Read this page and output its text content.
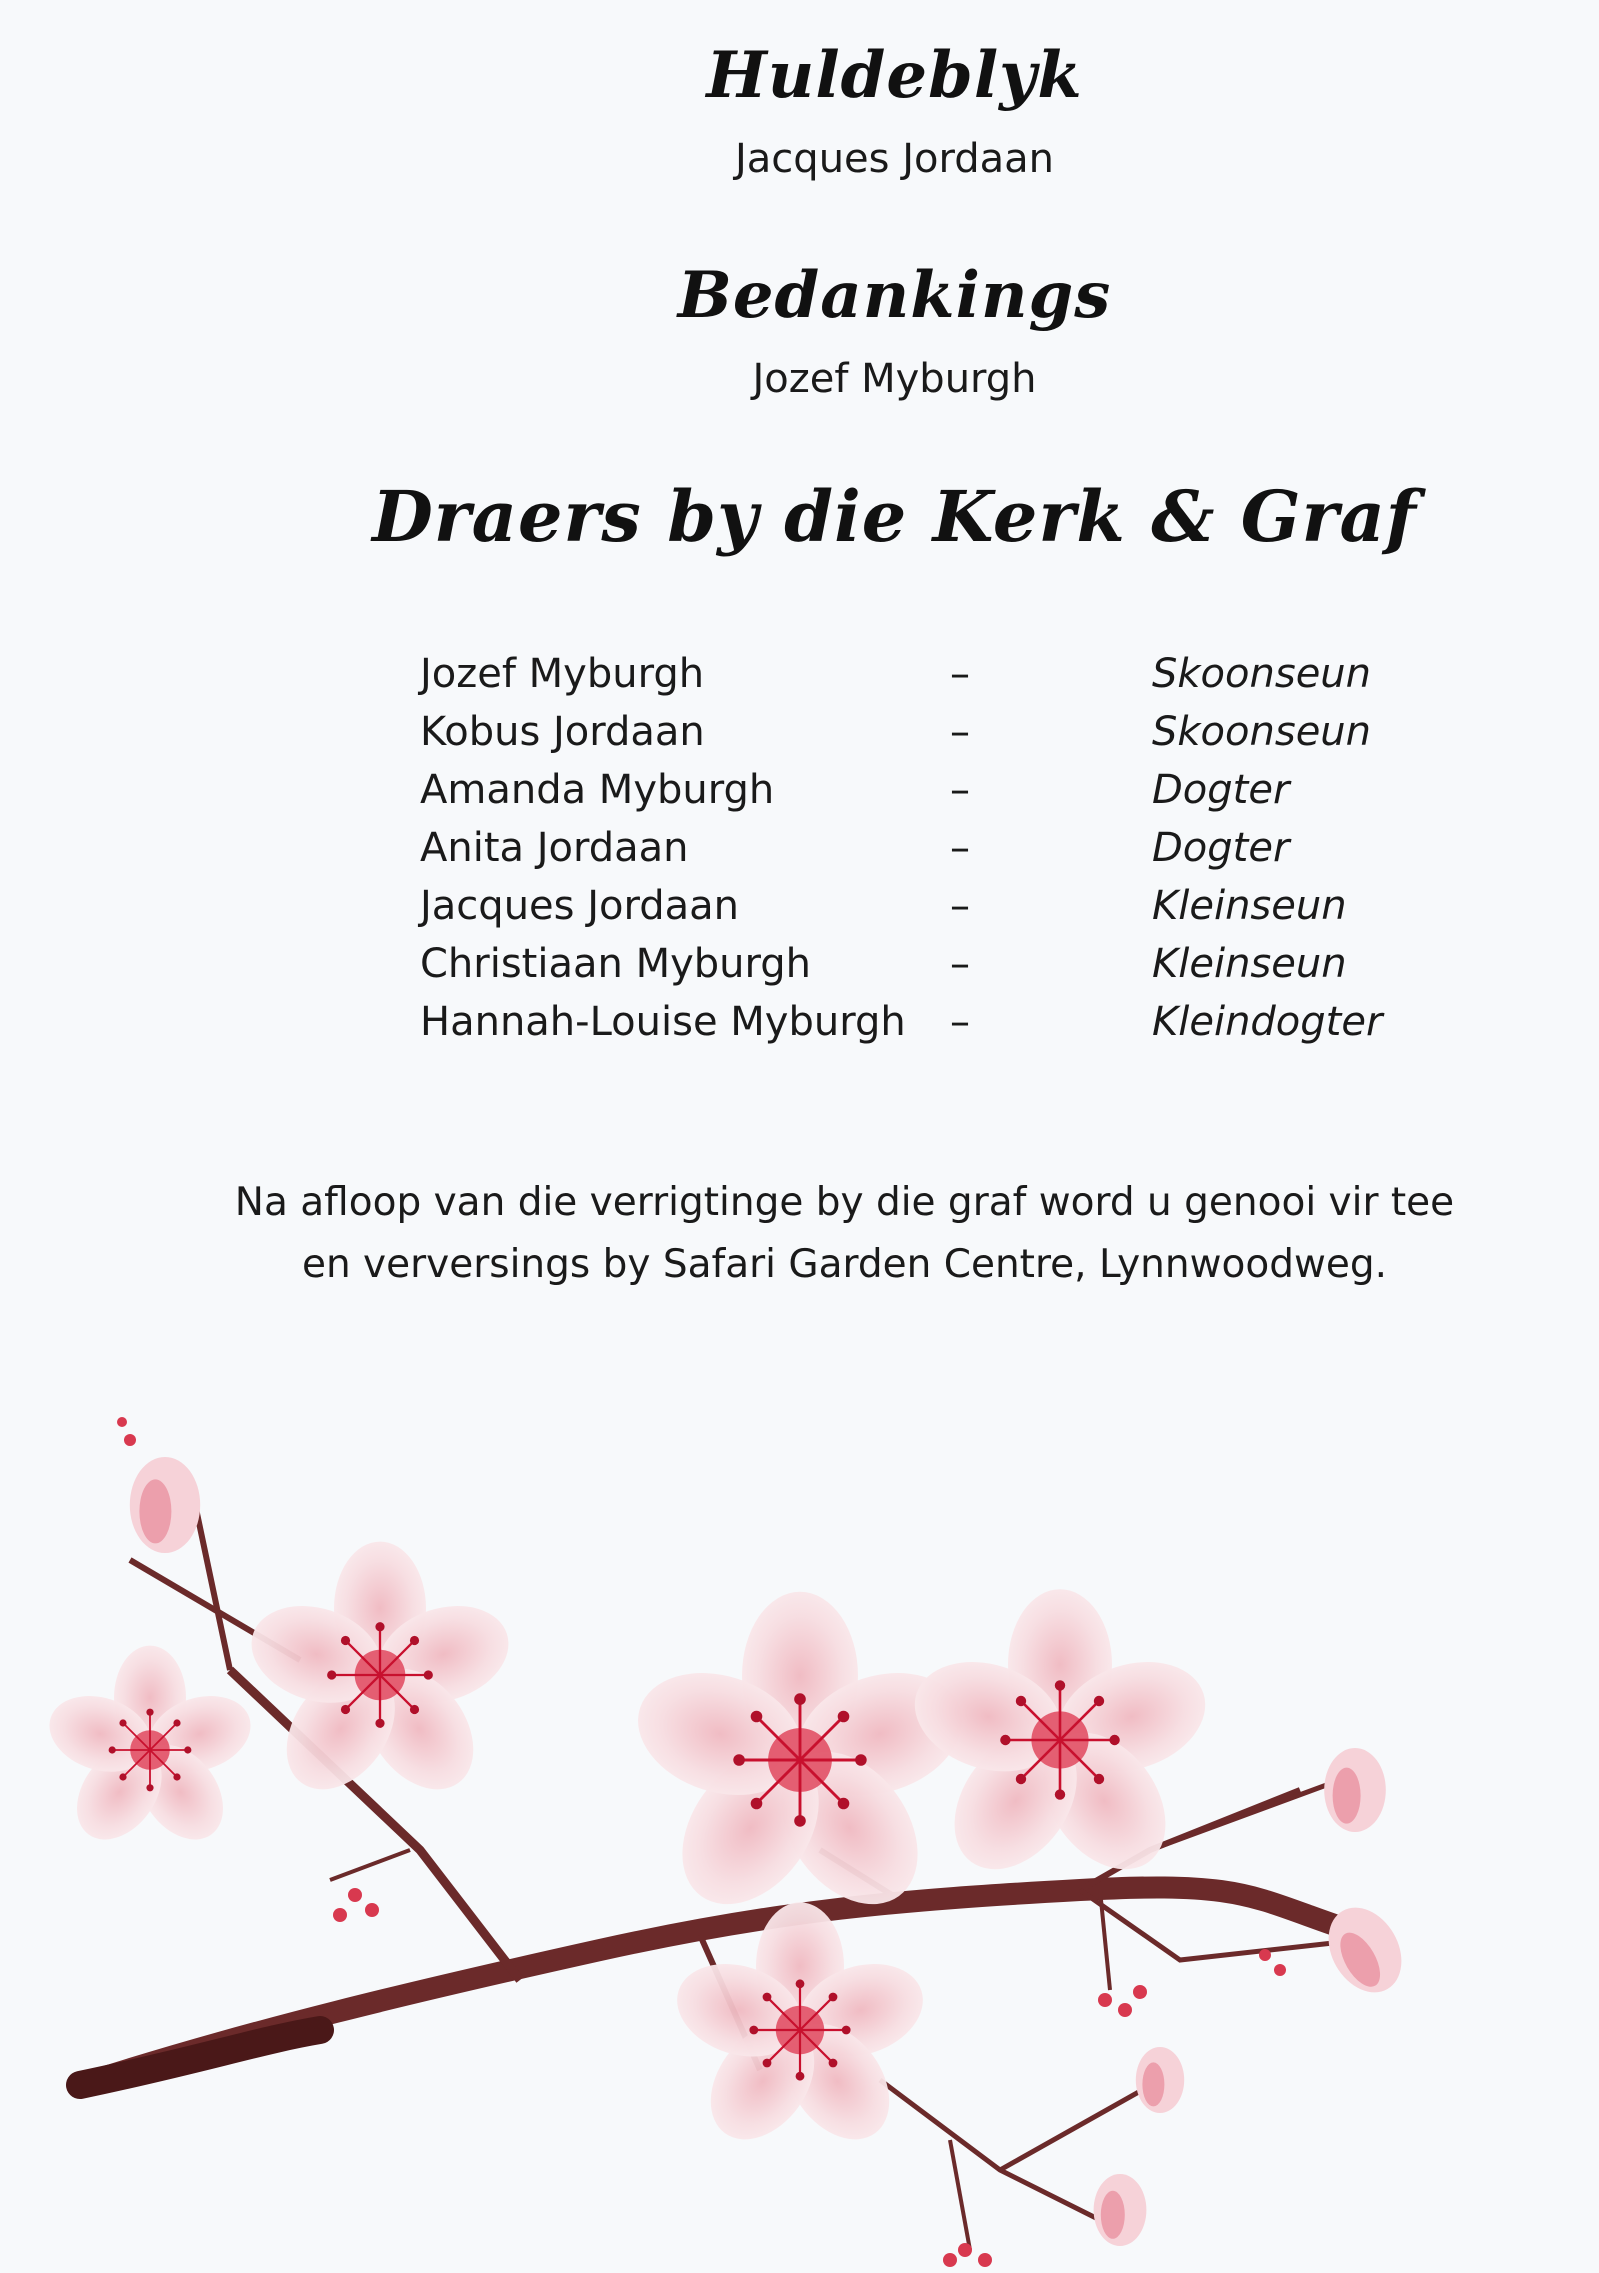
Huldeblyk
Jacques Jordaan
Bedankings
Jozef Myburgh
Draers by die Kerk & Graf
Jozef Myburgh	–	Skoonseun
Kobus Jordaan	–	Skoonseun
Amanda Myburgh	–	Dogter
Anita Jordaan	–	Dogter
Jacques Jordaan	–	Kleinseun
Christiaan Myburgh	–	Kleinseun
Hannah-Louise Myburgh	–	Kleindogter
Na afloop van die verrigtinge by die graf word u genooi vir tee
en verversings by Safari Garden Centre, Lynnwoodweg.
